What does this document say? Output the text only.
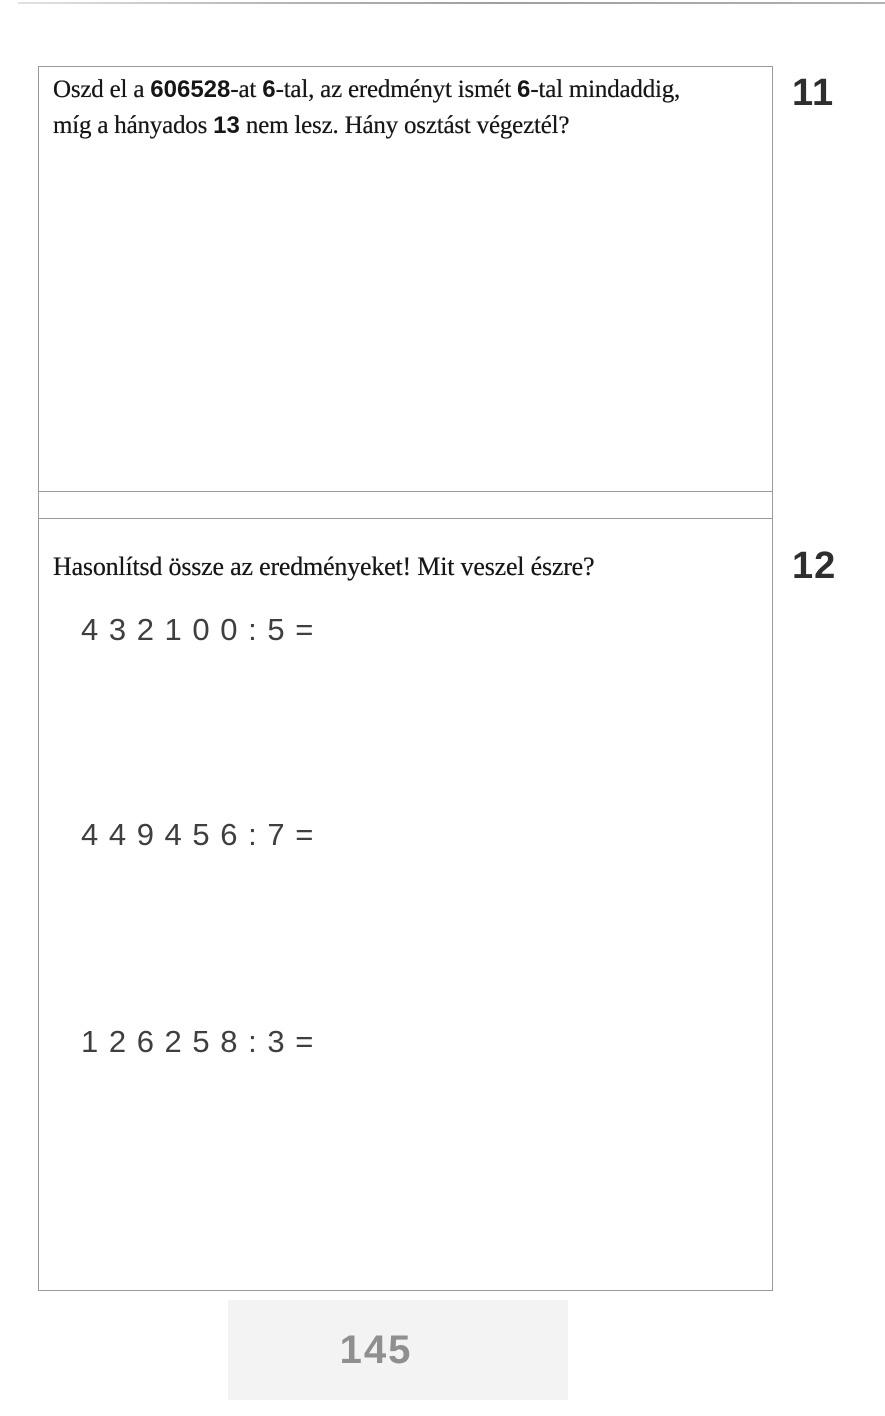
Oszd el a 606528-at 6-tal, az eredményt ismét 6-tal mindaddig,
míg a hányados 13 nem lesz. Hány osztást végeztél?

Hasonlítsd össze az eredményeket! Mit veszel észre?

4 3 2 1 0 0 : 5 =
4 4 9 4 5 6 : 7 =
1 2 6 2 5 8 : 3 =
11
12
145
